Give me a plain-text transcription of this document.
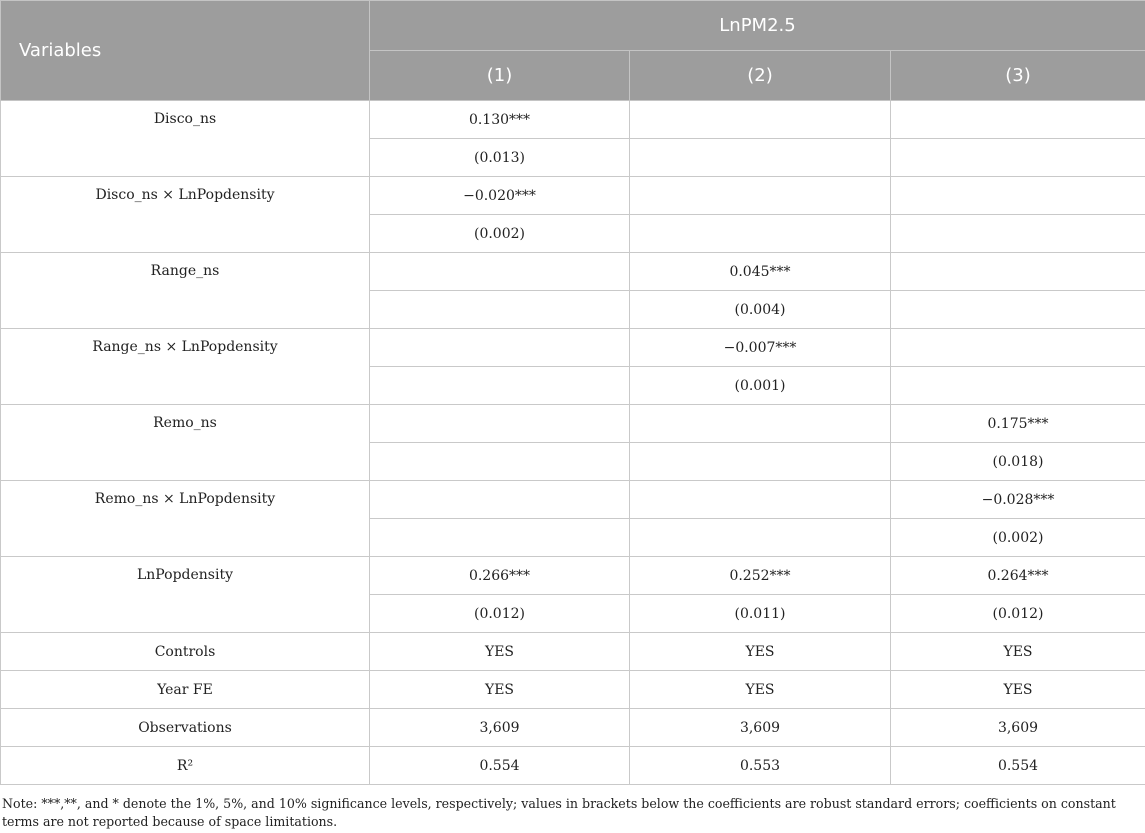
Variables	LnPM2.5		
	(1)	(2)	(3)
Disco_ns	0.130***		
	(0.013)		
Disco_ns × LnPopdensity	−0.020***		
	(0.002)		
Range_ns		0.045***	
		(0.004)	
Range_ns × LnPopdensity		−0.007***	
		(0.001)	
Remo_ns			0.175***
			(0.018)
Remo_ns × LnPopdensity			−0.028***
			(0.002)
LnPopdensity	0.266***	0.252***	0.264***
	(0.012)	(0.011)	(0.012)
Controls	YES	YES	YES
Year FE	YES	YES	YES
Observations	3,609	3,609	3,609
R²	0.554	0.553	0.554
Note: ***,**, and * denote the 1%, 5%, and 10% significance levels, respectively; values in brackets below the coefficients are robust standard errors; coefficients on constant terms are not reported because of space limitations.
